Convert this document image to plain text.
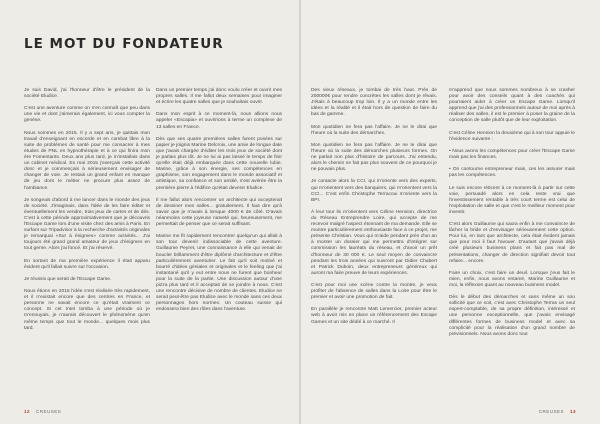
LE MOT DU FONDATEUR

Je suis David, j'ai l'honneur d'être le président de la société Eludice.

C'est une aventure comme on n'en connaît que peu dans une vie et dont j'aimerais également, ici vous compter la genèse.

Nous sommes en 2015. Il y a sept ans, je quittais mon travail d'enseignant en escorde et en combat libre à la suite de problèmes de santé pour me consacrer à mes études de PNL en hypnothérapie et à ce qui finira mon ère Fomentants. Deux ans plus tard, je m'installais dans un cabinet médical. En mai 2015 j'exerçais cette activité donc et je commençais à sérieusement envisager de changer de voie. Je restais un grand enfant en manque de jeu dont le métier ne procure plus assez de l'ambiance.

Je songeais d'abord à me lancer dans le monde des jeux de société. J'imaginais, dans l'idée de les faire éditer et éventuellement les vendre, trois jeux de cartes et de dés. C'est à cette période approximativement que je découvris l'Escape Game lors d'une visite chez des amis à Paris. En surfant sur Tripadvisor à la recherche d'activités originales je remarquai «Sur à énigmes» comme activités... J'ai toujours été grand grand amateur de jeux d'énigmes en tout genre. Alors j'ai foncé. Et j'ai réservé.

En sortant de ma première expérience il était apparu évident qu'il fallait suivre sur l'occasion.

Je réussis que serait de l'Escape Game.

Nous étions en 2015 l'idée s'est réalisée très rapidement, et il n'existait encore que des centres en France, et personne ne savait encore ce qu'était vraiment ce concept. Si cet Intel tomba à une période où je m'ennuyais, je n'aurais découvert le phénomène qu'en même temps que tout le monde... quelques mois plus tard.

Dans un premier temps j'ai donc voulu créer et ouvrir mes propres salles. Il me fallut deux semaines pour imaginer et écrire les quatre salles que je souhaitais ouvrir.

Dans mon esprit à ce moment-là, nous allions nous appeler «Escapia» et ouvririons à terme un complexe de 13 salles en France.

Dès que ses quatre premières salles furent posées sur papier je joignis Marine Delcroix, une amie de longue date que j'avais chargée d'éditer les trois jeux de société dont je parlais plus tôt. Je ne lui ai pas laissé le temps de finir qu'elle était déjà embarquée dans cette nouvelle lubie. Marine, grâce à son énergie, ses compétences en graphisme, son engagement dans le monde associatif et artistique, sa confiance et son amitié, s'est avérée être la première pierre à l'édifice qu'était devenir Eludice.

Il me fallut alors rencontrer un architecte qui accepterait de dessiner mes salles... gratuitement. Il faut dire qu'à savoir que je n'avais à lorsque 4000 € de côté. D'avais néanmoins cette joyeuse naïveté qui, heureusement, me permettait de penser que ce serait suffisant.

Marine me fit rapidement rencontrer quelqu'un qui allait à son tour devenir indissociable de cette aventure. Guillaume Peyret, une connaissance à elle qui venait de boucler brillamment d'être diplômé d'architecture et d'être particulièrement aventurier. Le fait qu'il soit motivé et bourré d'idées géniales et originales et le feeling que j'ai instantané qu'il y eut entre nous ne furent que bonheur pour la suite de la partie. Une discussion autour d'une pizza plus tard et il acceptait de se joindre à nous. C'est une rencontre décisive de nombre de clientes. Eludice ne serait peut-être pas Eludice avec le monde sans ces deux personnages hors normes. Un couteau suisse qui endossera bien des rôles dans l'aventure.

Des vieux réseaux, je tombai de très haut. Près de 200000€ pour rendre concrètes les salles dont je rêvais. J'étais à beaucoup trop loin. Il y a un monde entre les idées et la réalité et il était hors de question de faire du bas de gamme.

Mon quotidien ne fera pas l'affaire. Je ne le dirai que l'heure où la suite des démarches.

Mon quotidien ne fera pas l'affaire. Je ne le dirai que l'heure où la suite des démarches plusieurs formes. On ne parlait non plus d'histoire de parcours. J'ai entendu, alors le chemin ne fait pas plus souvent de ce pourquoi je ne pouvais plus.

Je contacte alors la CCI, qui m'oriente vers des experts, qui m'orientent vers des banquiers, qui m'orientent vers la CCI... C'est enfin Christophe Terracoui m'oriente vers la BPI.

À leur tour ils m'orientent vers Céline Hennion, directrice du Réseau Entreprendre Loire, qui accepte de me recevoir malgré l'aspect étonnant de ma demande. Elle se montre particulièrement enthousiaste face à ce projet, me présente Christian. Vous qui m'aide pendant près d'un an à monter un dossier qui me permettra d'intégrer sur commission les lauréats du réseau, et d'avoir un prêt d'honneur de 30 000 €. Le seul moyen de convaincre pendant les trois années qui suivront par Didier Chabert et Patrick Duboin, deux entrepreneurs généreux qui auront ma faire preuve de leurs expériences.

C'est pour moi une scène contre la montre, je veux profiter de l'absence de salles dans la Loire pour être le premier et avoir une promotion de fait.

En parallèle je rencontre Matt Lemercier, premier acteur web à avoir mis en place un référencement des Escape Games et un site dédié à ce marché. Il

m'apprend que nous sommes nombreux à se crasher pour avoir des conseils quant à des coachés qui pourraient aider à créer un Escape Game. Lorsqu'il apprend que j'ai des professionnels autour de moi après à réaliser des salles, il est le premier à poser la graine de la conception de salle plutôt que de leur exploitation.

C'est Céline Hennion la deuxième qui à son tour appuie le l'évidence suivante :

• Nous avons les compétences pour créer l'Escape Game mais pas les finances.

• On contourne entrepreneur mais, ces les assurer mais pas les compétences.

Le suis encore réticent à ce moment-là à partir sur cette voie, persuadé alors en cela reste vrai que l'investissement rentable à très court terme est celui de l'exploitation de salle et que c'est le meilleur moment pour investir.

C'est alors Guillaume qui saura enfin à me convaincre de lâcher la bride et d'envisager sérieusement cette option. Pour lui, en tant que architecte, cela était évident jamais que pour moi il faut l'avouer. D'autant que j'avais déjà créé plusieurs business plans et fait pas mal de présentations, changer de direction signifiait devoir tout refaire... encore.

Faire un choix, c'est faire un deuil. Lorsque j'eus fait le mien, enfin, nous avons entamé, Marine Guillaume et moi, la réflexion quant au nouveau business model.

Dès le début des démarches et sans même un sou sollicité que ce soit, c'est avec Christophe Terras un seul expert-comptable, de sa propre définition, intéressé et une personne exceptionnelle, que j'avais envisagé différentes formes de business model et avec sa complicité pour la réalisation d'un grand nombre de prévisionnels. Nous avons donc tout

12 CREUSES	CREUSES 13
